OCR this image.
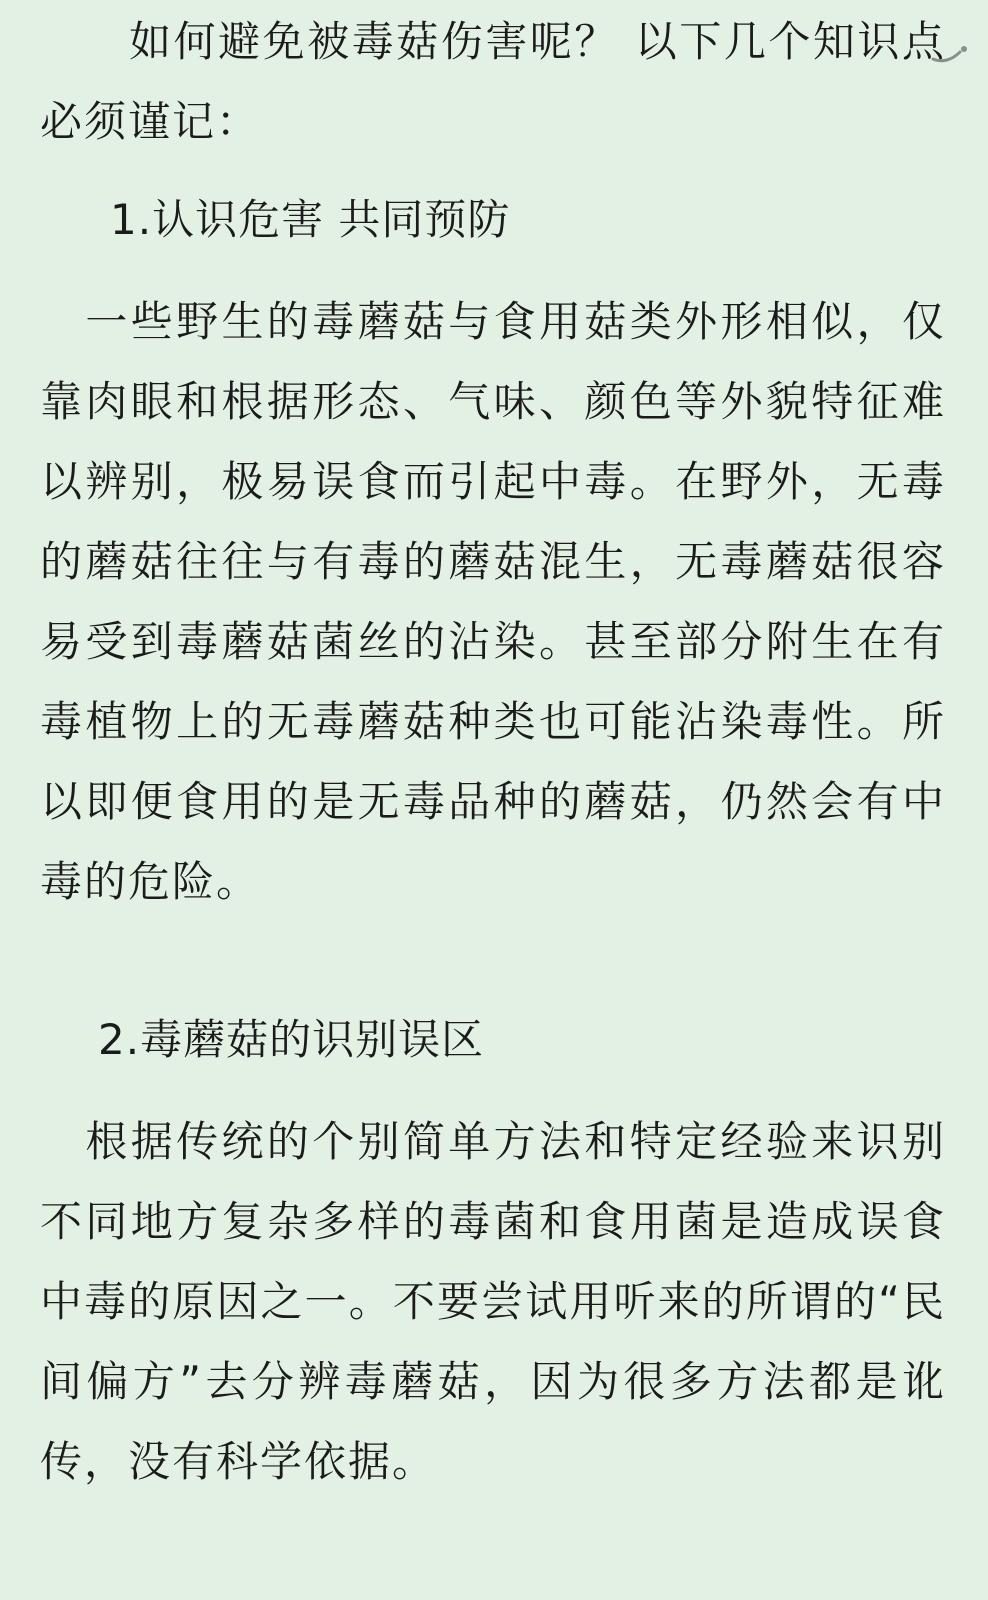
　　如何避免被毒菇伤害呢？ 以下几个知识点必须谨记：

1.认识危害 共同预防

　一些野生的毒蘑菇与食用菇类外形相似，仅靠肉眼和根据形态、气味、颜色等外貌特征难以辨别，极易误食而引起中毒。在野外，无毒的蘑菇往往与有毒的蘑菇混生，无毒蘑菇很容易受到毒蘑菇菌丝的沾染。甚至部分附生在有毒植物上的无毒蘑菇种类也可能沾染毒性。所以即便食用的是无毒品种的蘑菇，仍然会有中毒的危险。

2.毒蘑菇的识别误区

　根据传统的个别简单方法和特定经验来识别不同地方复杂多样的毒菌和食用菌是造成误食中毒的原因之一。不要尝试用听来的所谓的“民间偏方”去分辨毒蘑菇，因为很多方法都是讹传，没有科学依据。
